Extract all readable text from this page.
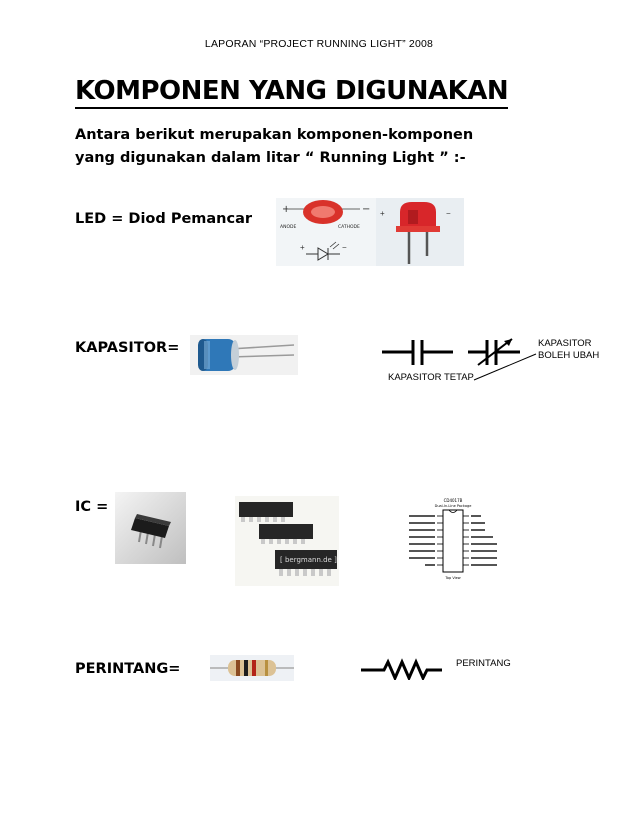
LAPORAN “PROJECT RUNNING LIGHT” 2008
KOMPONEN YANG DIGUNAKAN
Antara berikut merupakan komponen-komponen yang digunakan dalam litar “ Running Light ” :-
LED = Diod Pemancar
+	−
ANODE	CATHODE
+	−
+	−
KAPASITOR=
KAPASITOR TETAP
KAPASITOR
BOLEH UBAH
IC =
[ bergmann.de ]
CD4017B
Dual-In-Line Package
Top View
PERINTANG=	PERINTANG
